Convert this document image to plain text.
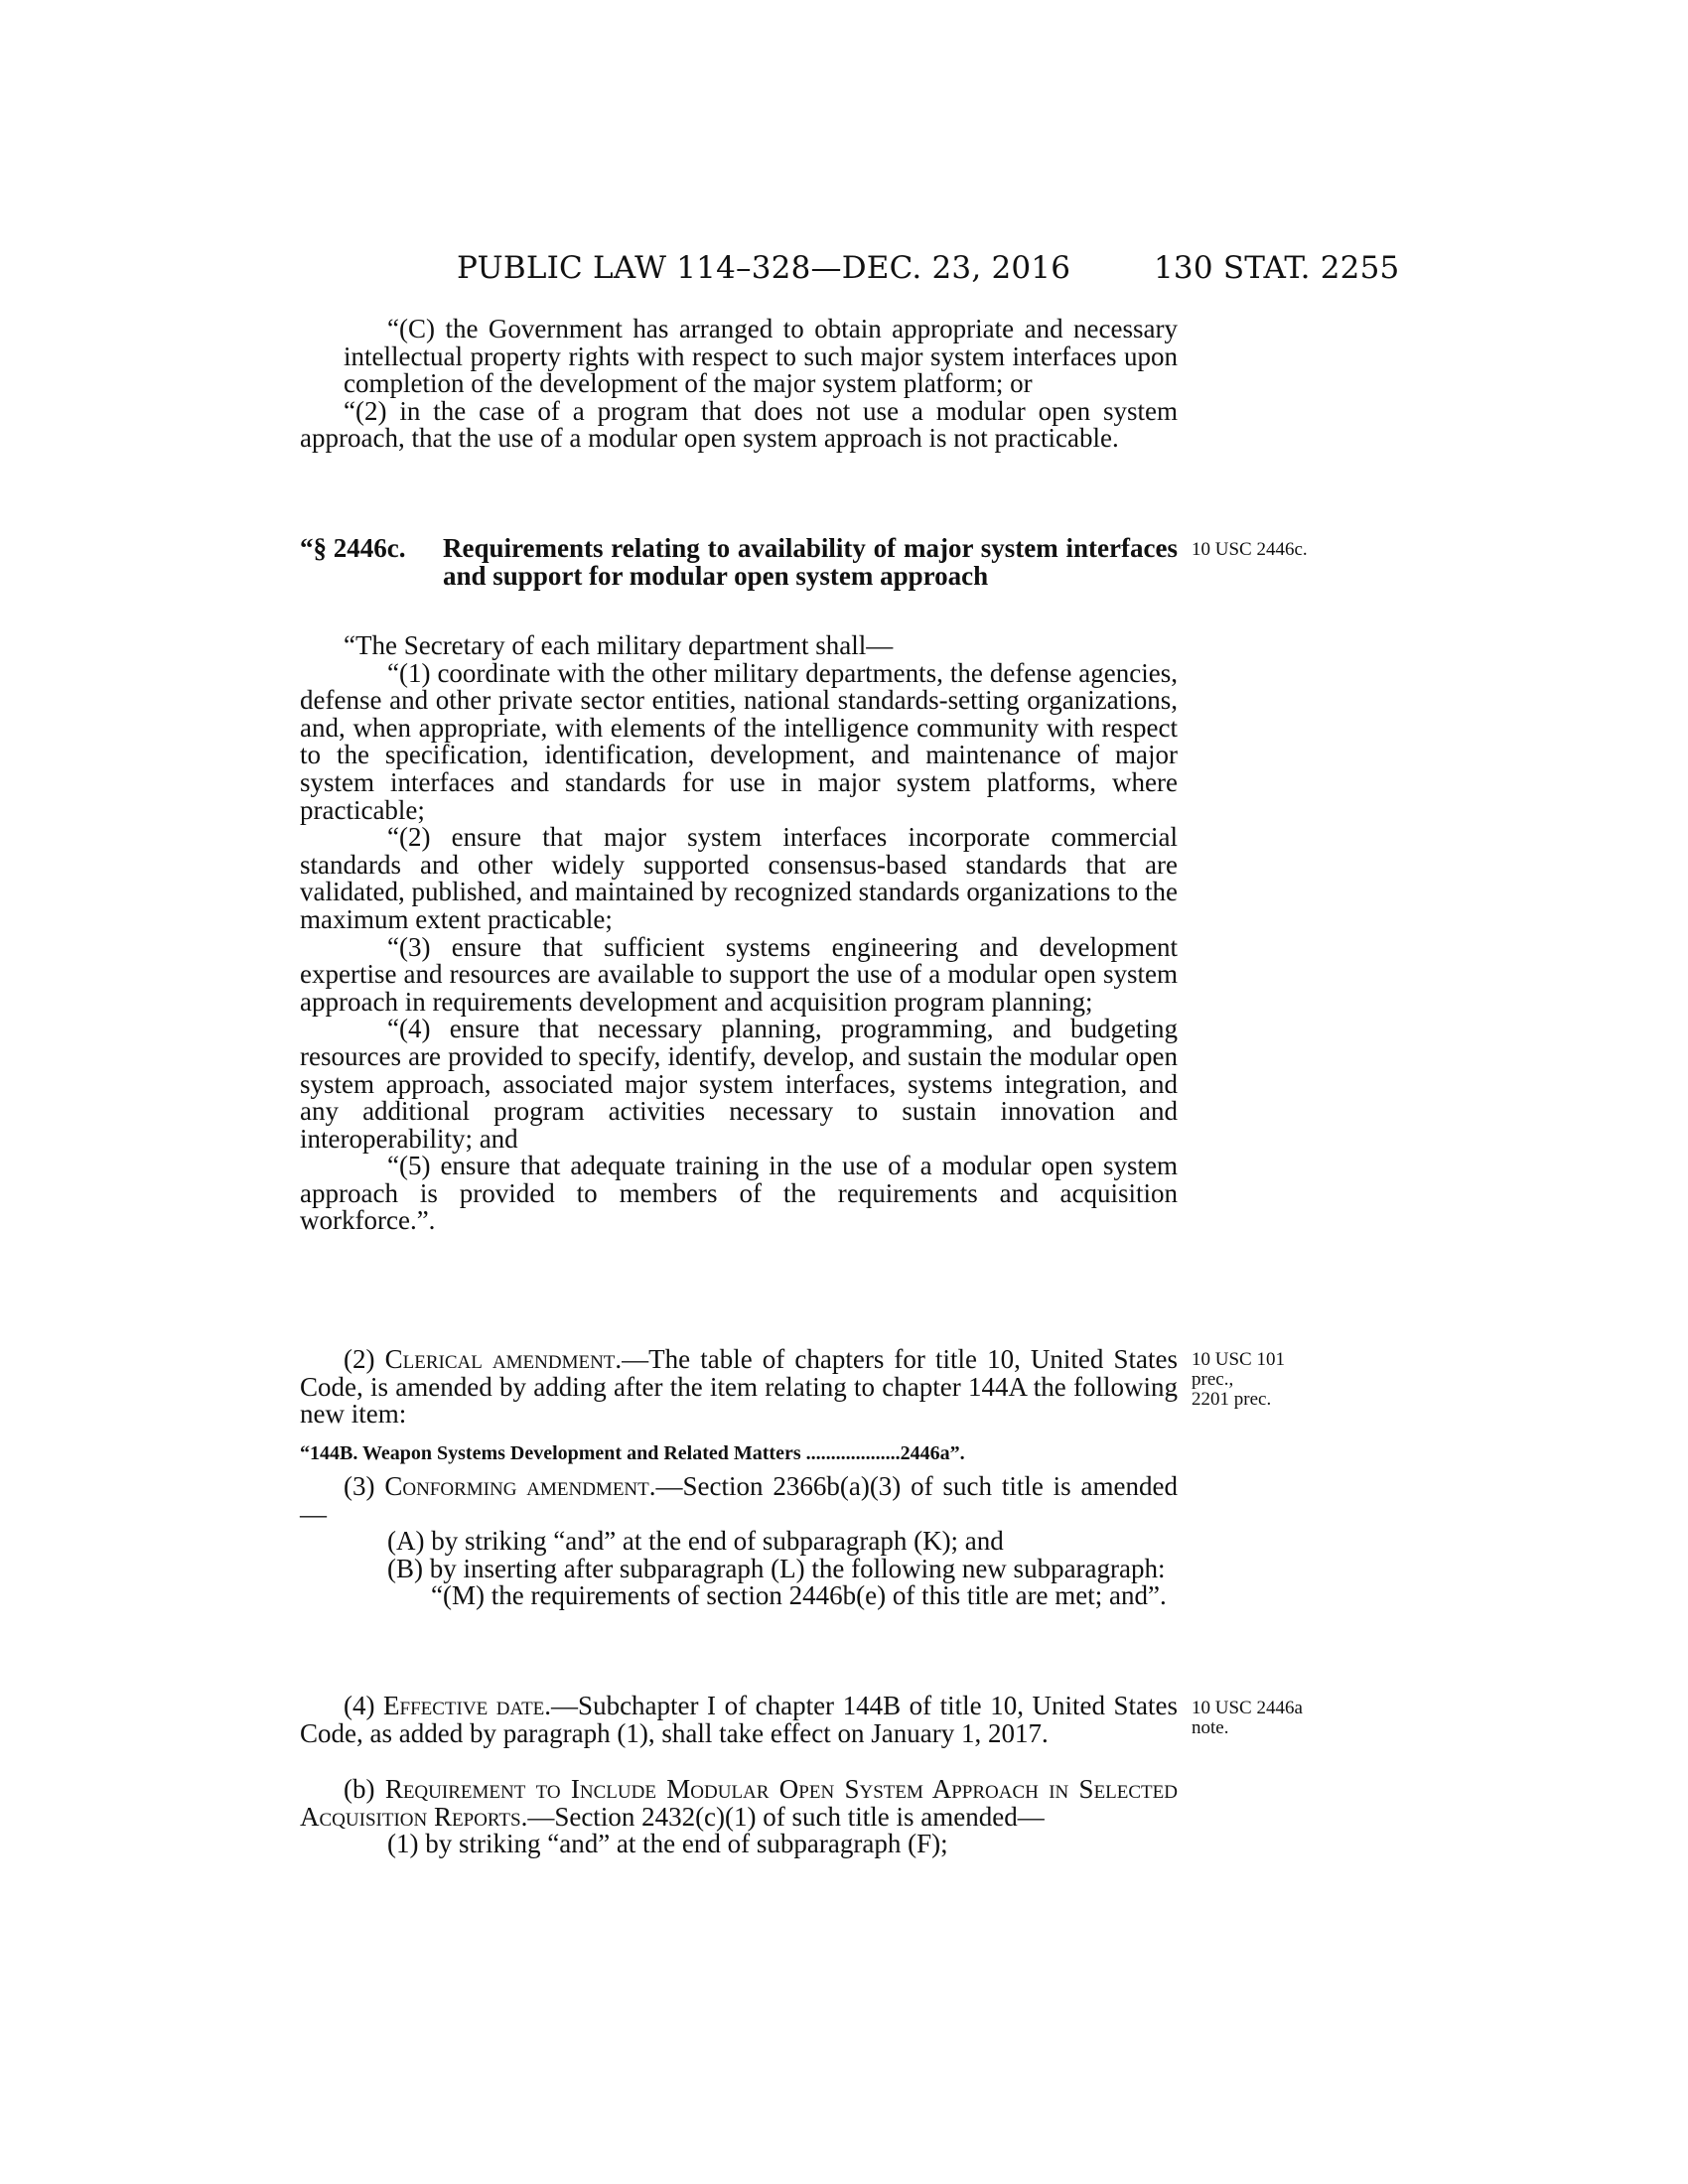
PUBLIC LAW 114–328—DEC. 23, 2016	130 STAT. 2255

“(C) the Government has arranged to obtain appropriate and necessary intellectual property rights with respect to such major system interfaces upon completion of the development of the major system platform; or

“(2) in the case of a program that does not use a modular open system approach, that the use of a modular open system approach is not practicable.

“§ 2446c. Requirements relating to availability of major system interfaces and support for modular open system approach

10 USC 2446c.

“The Secretary of each military department shall—

“(1) coordinate with the other military departments, the defense agencies, defense and other private sector entities, national standards-setting organizations, and, when appropriate, with elements of the intelligence community with respect to the specification, identification, development, and maintenance of major system interfaces and standards for use in major system platforms, where practicable;

“(2) ensure that major system interfaces incorporate commercial standards and other widely supported consensus-based standards that are validated, published, and maintained by recognized standards organizations to the maximum extent practicable;

“(3) ensure that sufficient systems engineering and development expertise and resources are available to support the use of a modular open system approach in requirements development and acquisition program planning;

“(4) ensure that necessary planning, programming, and budgeting resources are provided to specify, identify, develop, and sustain the modular open system approach, associated major system interfaces, systems integration, and any additional program activities necessary to sustain innovation and interoperability; and

“(5) ensure that adequate training in the use of a modular open system approach is provided to members of the requirements and acquisition workforce.”.

(2) Clerical amendment.—The table of chapters for title 10, United States Code, is amended by adding after the item relating to chapter 144A the following new item:

10 USC 101
prec.,
2201 prec.
“144B. Weapon Systems Development and Related Matters ...................2446a”.

(3) Conforming amendment.—Section 2366b(a)(3) of such title is amended—

(A) by striking “and” at the end of subparagraph (K); and

(B) by inserting after subparagraph (L) the following new subparagraph:

“(M) the requirements of section 2446b(e) of this title are met; and”.

(4) Effective date.—Subchapter I of chapter 144B of title 10, United States Code, as added by paragraph (1), shall take effect on January 1, 2017.

10 USC 2446a
note.

(b) Requirement to Include Modular Open System Approach in Selected Acquisition Reports.—Section 2432(c)(1) of such title is amended—

(1) by striking “and” at the end of subparagraph (F);
